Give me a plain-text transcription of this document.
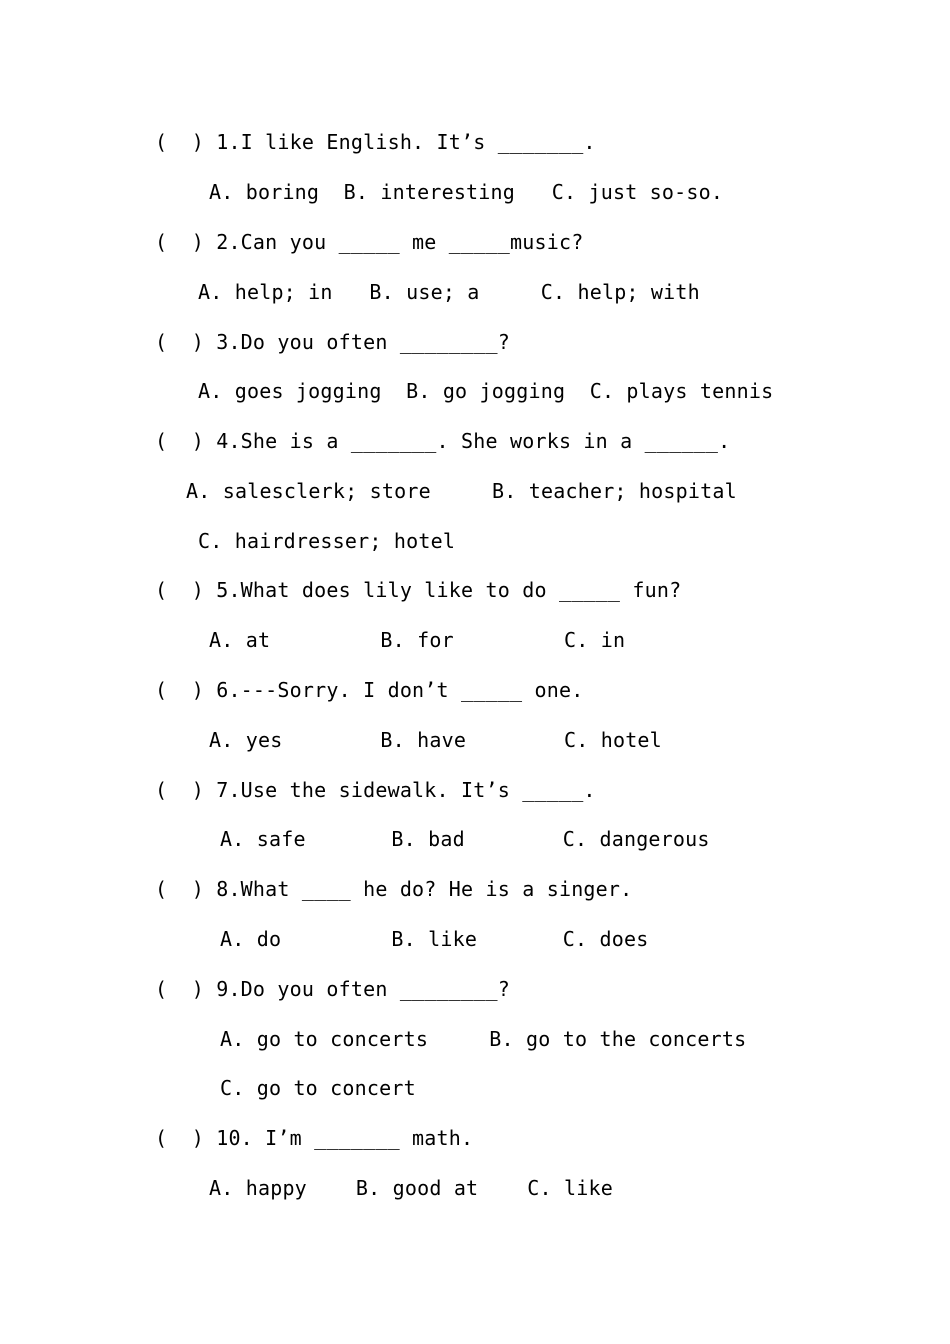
(  ) 1.I like English. It’s _______.
A. boring  B. interesting   C. just so-so.
(  ) 2.Can you _____ me _____music?
A. help; in   B. use; a     C. help; with
(  ) 3.Do you often ________?
A. goes jogging  B. go jogging  C. plays tennis
(  ) 4.She is a _______. She works in a ______.
A. salesclerk; store     B. teacher; hospital
C. hairdresser; hotel
(  ) 5.What does lily like to do _____ fun?
A. at         B. for         C. in
(  ) 6.---Sorry. I don’t _____ one.
A. yes        B. have        C. hotel
(  ) 7.Use the sidewalk. It’s _____.
A. safe       B. bad        C. dangerous
(  ) 8.What ____ he do? He is a singer.
A. do         B. like       C. does
(  ) 9.Do you often ________?
A. go to concerts     B. go to the concerts
C. go to concert
(  ) 10. I’m _______ math.
A. happy    B. good at    C. like
